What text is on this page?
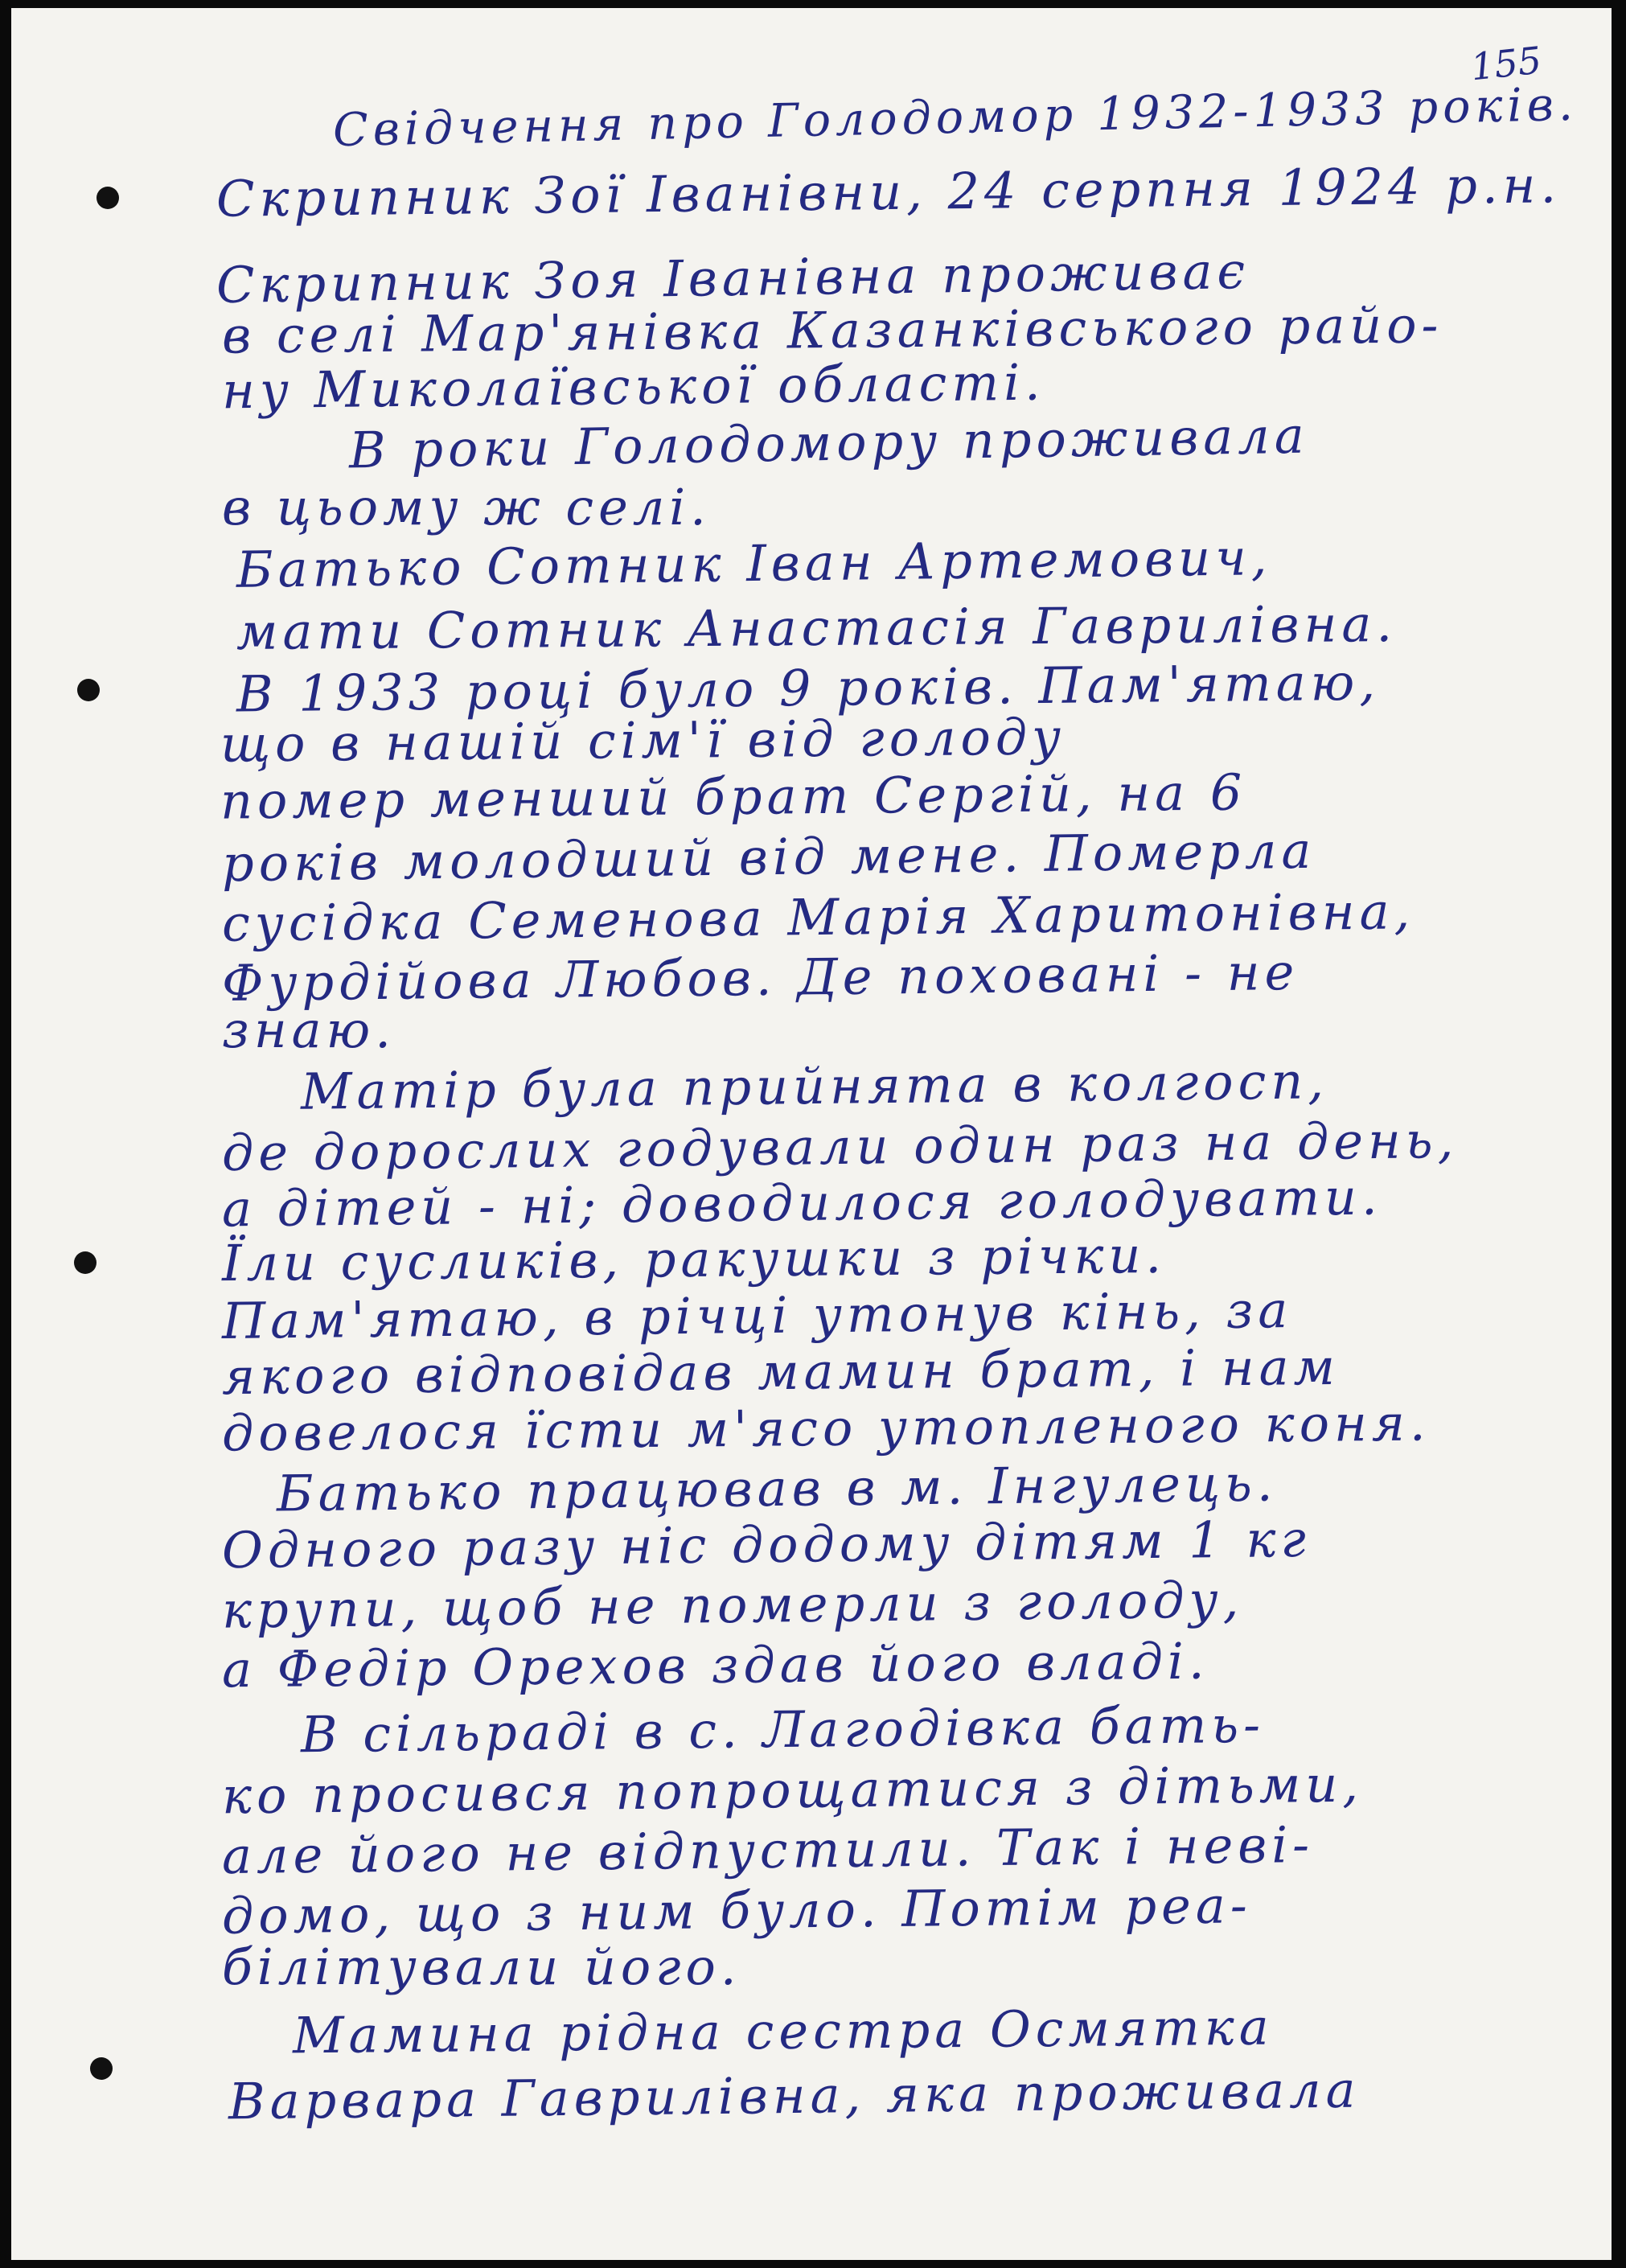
155
Свідчення про Голодомор 1932-1933 років.
Скрипник Зої Іванівни, 24 серпня 1924 р.н.
Скрипник Зоя Іванівна проживає
в селі Мар'янівка Казанківського райо-
ну Миколаївської області.
В роки Голодомору проживала
в цьому ж селі.
Батько Сотник Іван Артемович,
мати Сотник Анастасія Гаврилівна.
В 1933 році було 9 років. Пам'ятаю,
що в нашій сім'ї від голоду
помер менший брат Сергій, на 6
років молодший від мене. Померла
сусідка Семенова Марія Харитонівна,
Фурдійова Любов. Де поховані - не
знаю.
Матір була прийнята в колгосп,
де дорослих годували один раз на день,
а дітей - ні; доводилося голодувати.
Їли сусликів, ракушки з річки.
Пам'ятаю, в річці утонув кінь, за
якого відповідав мамин брат, і нам
довелося їсти м'ясо утопленого коня.
Батько працював в м. Інгулець.
Одного разу ніс додому дітям 1 кг
крупи, щоб не померли з голоду,
а Федір Орехов здав його владі.
В сільраді в с. Лагодівка бать-
ко просився попрощатися з дітьми,
але його не відпустили. Так і неві-
домо, що з ним було. Потім реа-
білітували його.
Мамина рідна сестра Осмятка
Варвара Гаврилівна, яка проживала
